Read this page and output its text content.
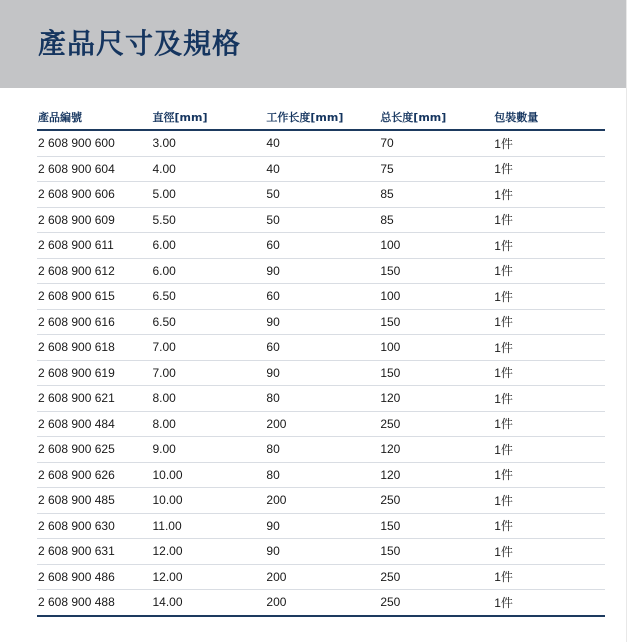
產品尺寸及規格
產品編號	直徑[mm]	工作长度[mm]	总长度[mm]	包裝數量
2 608 900 600	3.00	40	70	1件
2 608 900 604	4.00	40	75	1件
2 608 900 606	5.00	50	85	1件
2 608 900 609	5.50	50	85	1件
2 608 900 611	6.00	60	100	1件
2 608 900 612	6.00	90	150	1件
2 608 900 615	6.50	60	100	1件
2 608 900 616	6.50	90	150	1件
2 608 900 618	7.00	60	100	1件
2 608 900 619	7.00	90	150	1件
2 608 900 621	8.00	80	120	1件
2 608 900 484	8.00	200	250	1件
2 608 900 625	9.00	80	120	1件
2 608 900 626	10.00	80	120	1件
2 608 900 485	10.00	200	250	1件
2 608 900 630	11.00	90	150	1件
2 608 900 631	12.00	90	150	1件
2 608 900 486	12.00	200	250	1件
2 608 900 488	14.00	200	250	1件
